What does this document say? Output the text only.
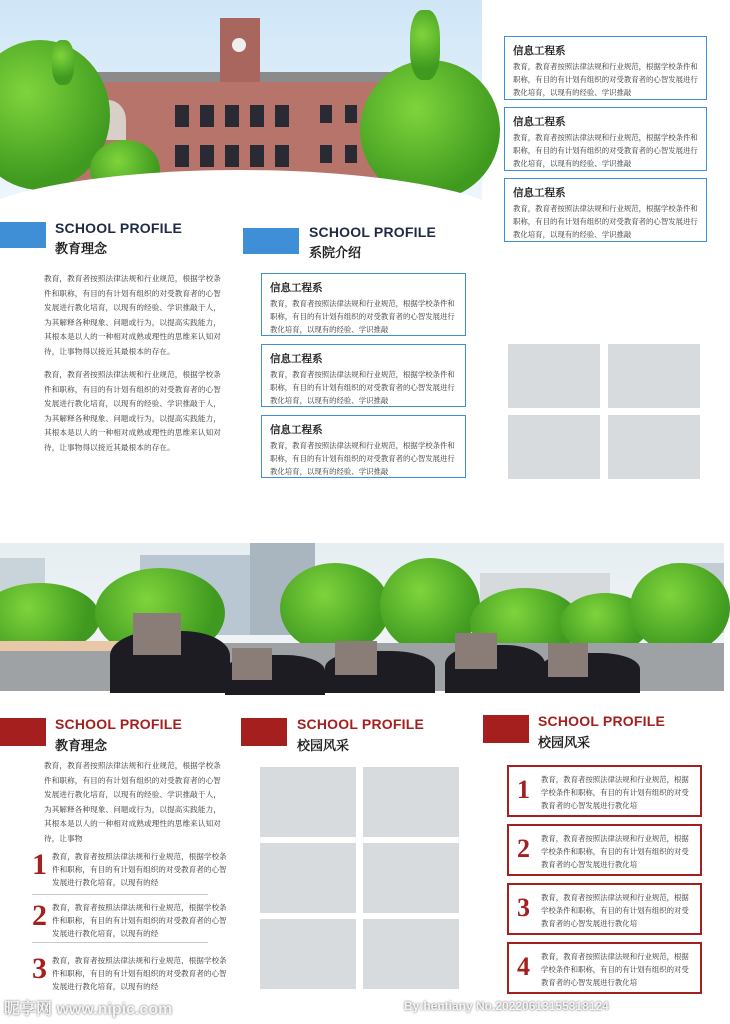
SCHOOL PROFILE
教育理念
教育，教育者按照法律法规和行业规范，根据学校条件和职称，有目的有计划有组织的对受教育者的心智发展进行教化培育，以现有的经验、学识推敲于人，为其解释各种现象、问题或行为，以提高实践能力，其根本是以人的一种相对成熟或理性的思维来认知对待，让事物得以接近其最根本的存在。
教育，教育者按照法律法规和行业规范，根据学校条件和职称，有目的有计划有组织的对受教育者的心智发展进行教化培育，以现有的经验、学识推敲于人，为其解释各种现象、问题或行为，以提高实践能力，其根本是以人的一种相对成熟或理性的思维来认知对待，让事物得以接近其最根本的存在。
SCHOOL PROFILE
系院介绍
信息工程系
教育，教育者按照法律法规和行业规范，根据学校条件和职称，有目的有计划有组织的对受教育者的心智发展进行教化培育，以现有的经验、学识推敲
信息工程系
教育，教育者按照法律法规和行业规范，根据学校条件和职称，有目的有计划有组织的对受教育者的心智发展进行教化培育，以现有的经验、学识推敲
信息工程系
教育，教育者按照法律法规和行业规范，根据学校条件和职称，有目的有计划有组织的对受教育者的心智发展进行教化培育，以现有的经验、学识推敲
信息工程系
教育，教育者按照法律法规和行业规范，根据学校条件和职称，有目的有计划有组织的对受教育者的心智发展进行教化培育，以现有的经验、学识推敲
信息工程系
教育，教育者按照法律法规和行业规范，根据学校条件和职称，有目的有计划有组织的对受教育者的心智发展进行教化培育，以现有的经验、学识推敲
信息工程系
教育，教育者按照法律法规和行业规范，根据学校条件和职称，有目的有计划有组织的对受教育者的心智发展进行教化培育，以现有的经验、学识推敲
SCHOOL PROFILE
教育理念
教育，教育者按照法律法规和行业规范，根据学校条件和职称，有目的有计划有组织的对受教育者的心智发展进行教化培育，以现有的经验、学识推敲于人，为其解释各种现象、问题或行为，以提高实践能力，其根本是以人的一种相对成熟或理性的思维来认知对待，让事物
1 教育，教育者按照法律法规和行业规范，根据学校条件和职称，有目的有计划有组织的对受教育者的心智发展进行教化培育，以现有的经
2 教育，教育者按照法律法规和行业规范，根据学校条件和职称，有目的有计划有组织的对受教育者的心智发展进行教化培育，以现有的经
3 教育，教育者按照法律法规和行业规范，根据学校条件和职称，有目的有计划有组织的对受教育者的心智发展进行教化培育，以现有的经
SCHOOL PROFILE
校园风采
SCHOOL PROFILE
校园风采
1 教育，教育者按照法律法规和行业规范，根据学校条件和职称，有目的有计划有组织的对受教育者的心智发展进行教化培
2 教育，教育者按照法律法规和行业规范，根据学校条件和职称，有目的有计划有组织的对受教育者的心智发展进行教化培
3 教育，教育者按照法律法规和行业规范，根据学校条件和职称，有目的有计划有组织的对受教育者的心智发展进行教化培
4 教育，教育者按照法律法规和行业规范，根据学校条件和职称，有目的有计划有组织的对受教育者的心智发展进行教化培
昵享网 www.nipic.com	By:hentiany No.20220613155318124
